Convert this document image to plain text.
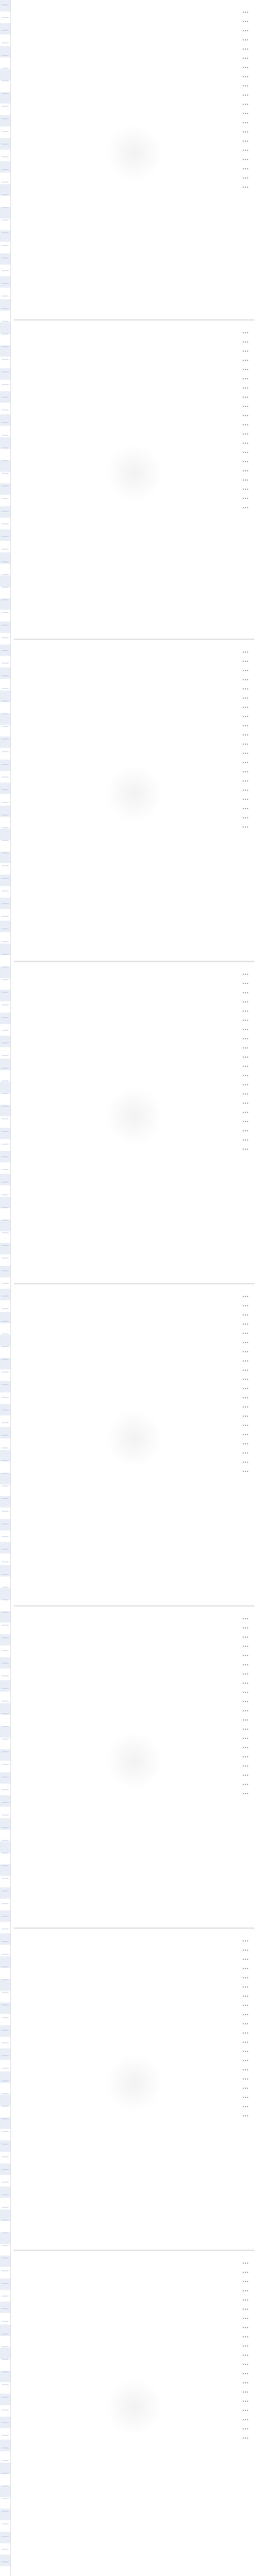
…
…
…
…
…
…
…
…
…
…
…
…
…
…
…
…
…
…
…
…
…
…
…
…
…
…
…
…
…
…
…
…
…
…
…
…
…
…
…
…
…
…
…
…
…
…
…
…
…
…
…
…
…
…
…
…
…
…
…
…
…
…
…
…
…
…
…
…
…
…
…
…
…
…
…
…
…
…
…
…
…
…
…
…
…
…
…
…
…
…
…
…
…
…
…
…
…
…
…
…
…
…
…
…
…
…
…
…
…
…
…
…
…
…
…
…
…
…
…
…
…
…
…
…
…
…
…
…
…
…
…
…
…
…
…
…
…
…
…
…
…
…
…
…
…
…
…
…
…
…
…
…
…
…
…
…
…
…
…
…
